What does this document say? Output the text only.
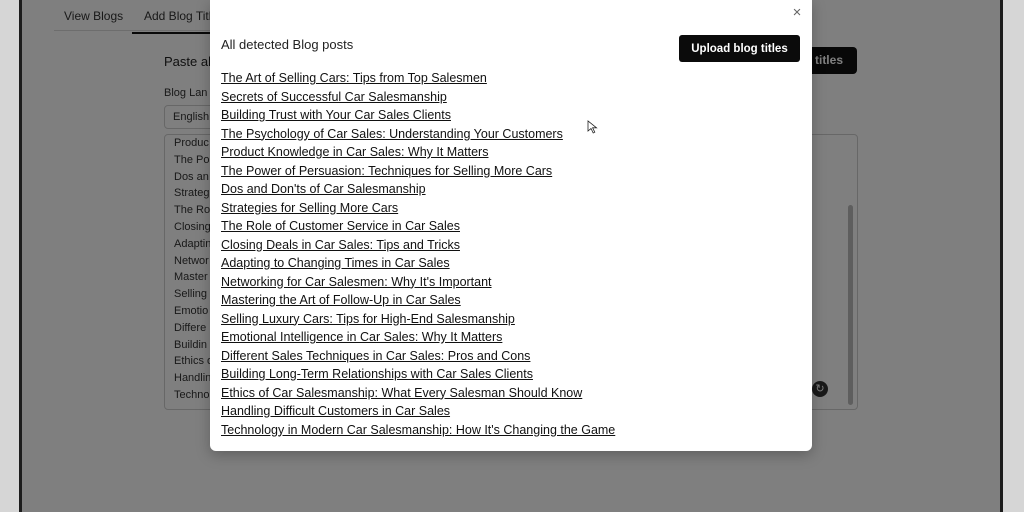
×
All detected Blog posts	Upload blog titles
The Art of Selling Cars: Tips from Top Salesmen
Secrets of Successful Car Salesmanship
Building Trust with Your Car Sales Clients
The Psychology of Car Sales: Understanding Your Customers
Product Knowledge in Car Sales: Why It Matters
The Power of Persuasion: Techniques for Selling More Cars
Dos and Don'ts of Car Salesmanship
Strategies for Selling More Cars
The Role of Customer Service in Car Sales
Closing Deals in Car Sales: Tips and Tricks
Adapting to Changing Times in Car Sales
Networking for Car Salesmen: Why It's Important
Mastering the Art of Follow-Up in Car Sales
Selling Luxury Cars: Tips for High-End Salesmanship
Emotional Intelligence in Car Sales: Why It Matters
Different Sales Techniques in Car Sales: Pros and Cons
Building Long-Term Relationships with Car Sales Clients
Ethics of Car Salesmanship: What Every Salesman Should Know
Handling Difficult Customers in Car Sales
Technology in Modern Car Salesmanship: How It's Changing the Game
